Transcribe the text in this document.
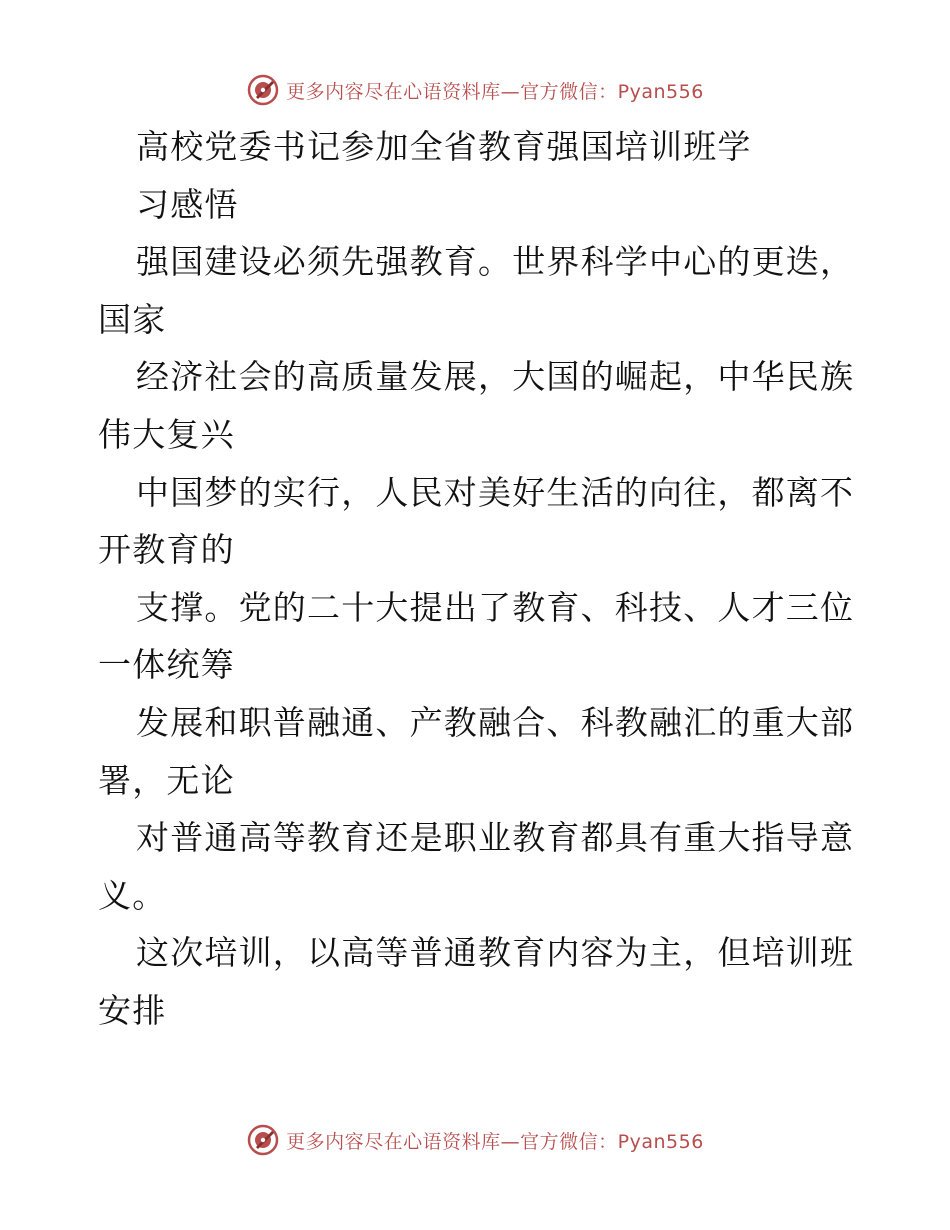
更多内容尽在心语资料库—官方微信：Pyan556
高校党委书记参加全省教育强国培训班学
习感悟
强国建设必须先强教育。世界科学中心的更迭，
国家
经济社会的高质量发展，大国的崛起，中华民族
伟大复兴
中国梦的实行，人民对美好生活的向往，都离不
开教育的
支撑。党的二十大提出了教育、科技、人才三位
一体统筹
发展和职普融通、产教融合、科教融汇的重大部
署，无论
对普通高等教育还是职业教育都具有重大指导意
义。
这次培训，以高等普通教育内容为主，但培训班
安排
更多内容尽在心语资料库—官方微信：Pyan556
